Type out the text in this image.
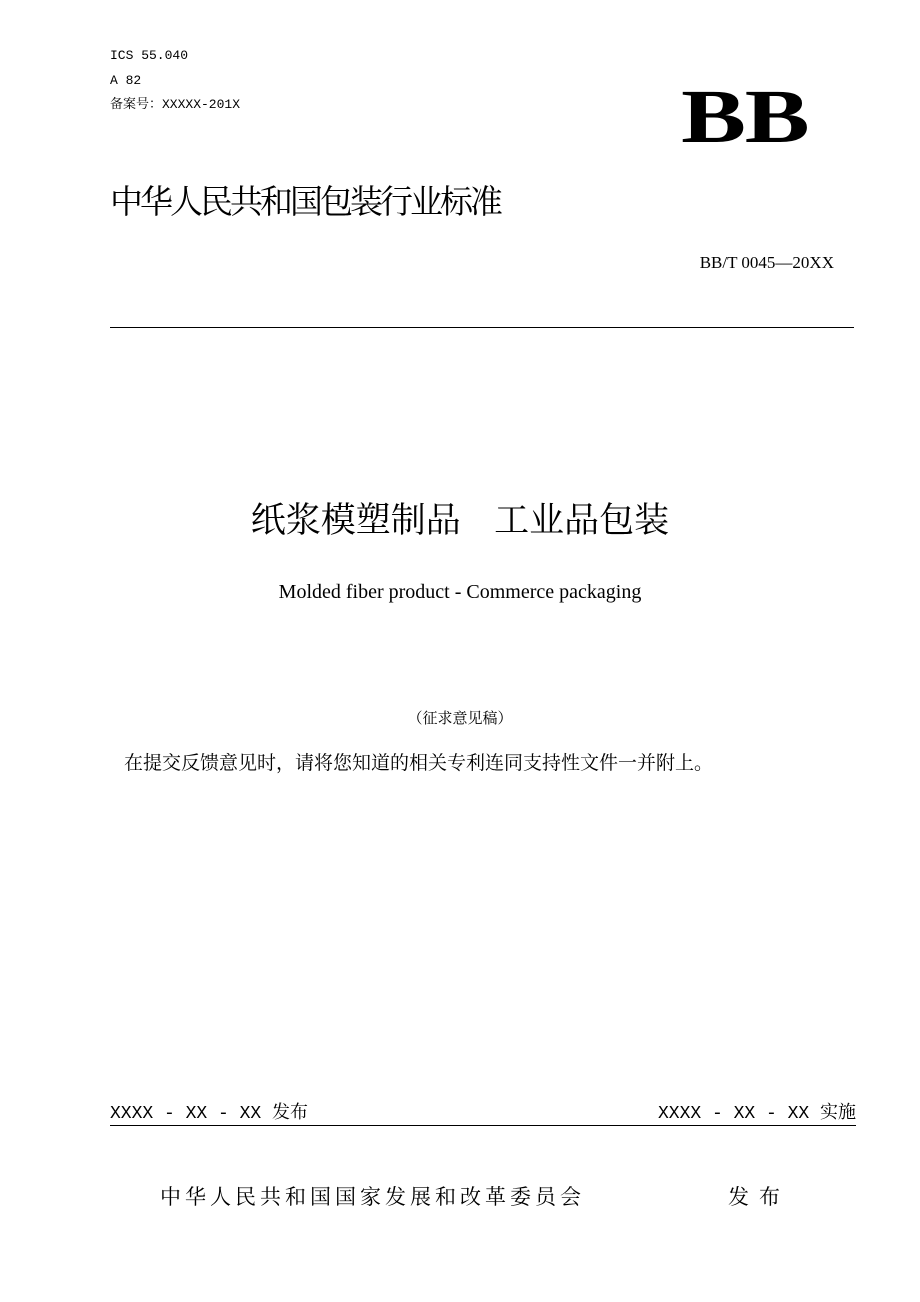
ICS 55.040
A 82
备案号：XXXXX-201X	BB
中华人民共和国包装行业标准
BB/T 0045—20XX
纸浆模塑制品   工业品包装
Molded fiber product - Commerce packaging
（征求意见稿）
在提交反馈意见时，请将您知道的相关专利连同支持性文件一并附上。
XXXX - XX - XX 发布	XXXX - XX - XX 实施
中华人民共和国国家发展和改革委员会	发布
